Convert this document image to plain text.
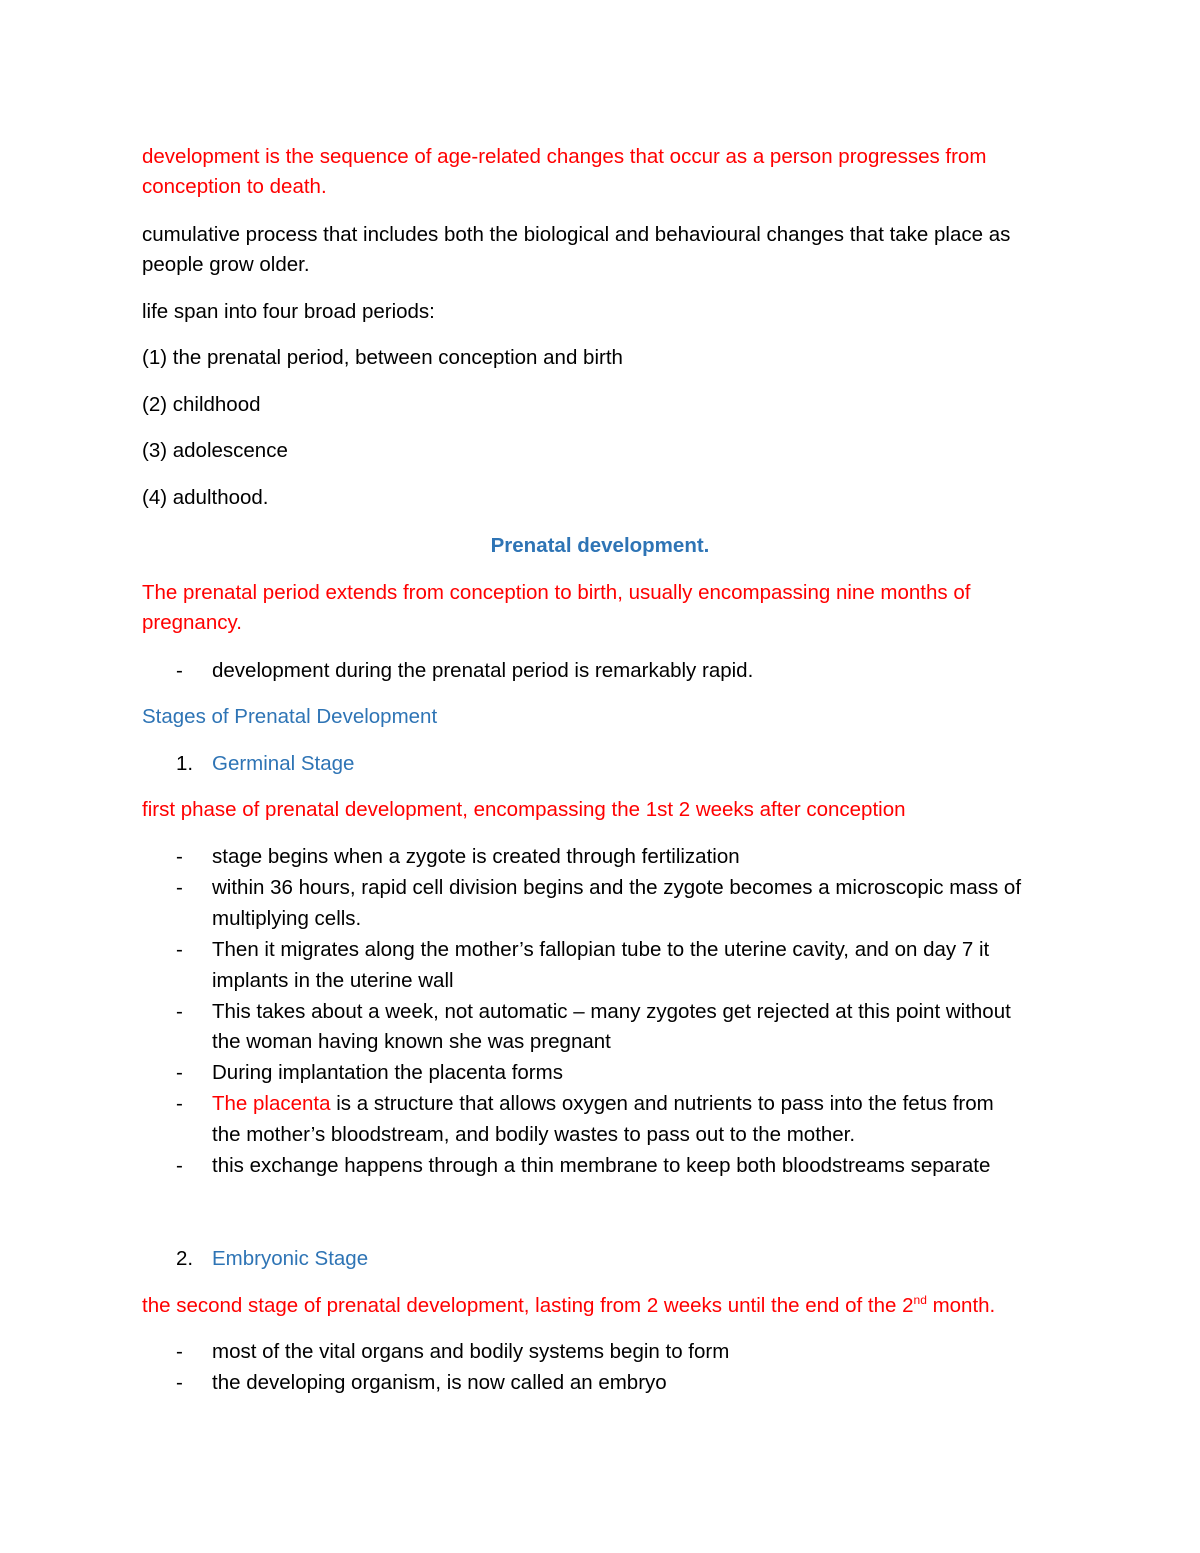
development is the sequence of age-related changes that occur as a person progresses from

conception to death.

cumulative process that includes both the biological and behavioural changes that take place as

people grow older.

life span into four broad periods:

(1) the prenatal period, between conception and birth

(2) childhood

(3) adolescence

(4) adulthood.

Prenatal development.

The prenatal period extends from conception to birth, usually encompassing nine months of

pregnancy.

- development during the prenatal period is remarkably rapid.

Stages of Prenatal Development

1. Germinal Stage

first phase of prenatal development, encompassing the 1st 2 weeks after conception

- stage begins when a zygote is created through fertilization

- within 36 hours, rapid cell division begins and the zygote becomes a microscopic mass of

multiplying cells.

- Then it migrates along the mother’s fallopian tube to the uterine cavity, and on day 7 it

implants in the uterine wall

- This takes about a week, not automatic – many zygotes get rejected at this point without

the woman having known she was pregnant

- During implantation the placenta forms

- The placenta is a structure that allows oxygen and nutrients to pass into the fetus from

the mother’s bloodstream, and bodily wastes to pass out to the mother.

- this exchange happens through a thin membrane to keep both bloodstreams separate

2. Embryonic Stage

the second stage of prenatal development, lasting from 2 weeks until the end of the 2nd month.

- most of the vital organs and bodily systems begin to form

- the developing organism, is now called an embryo
